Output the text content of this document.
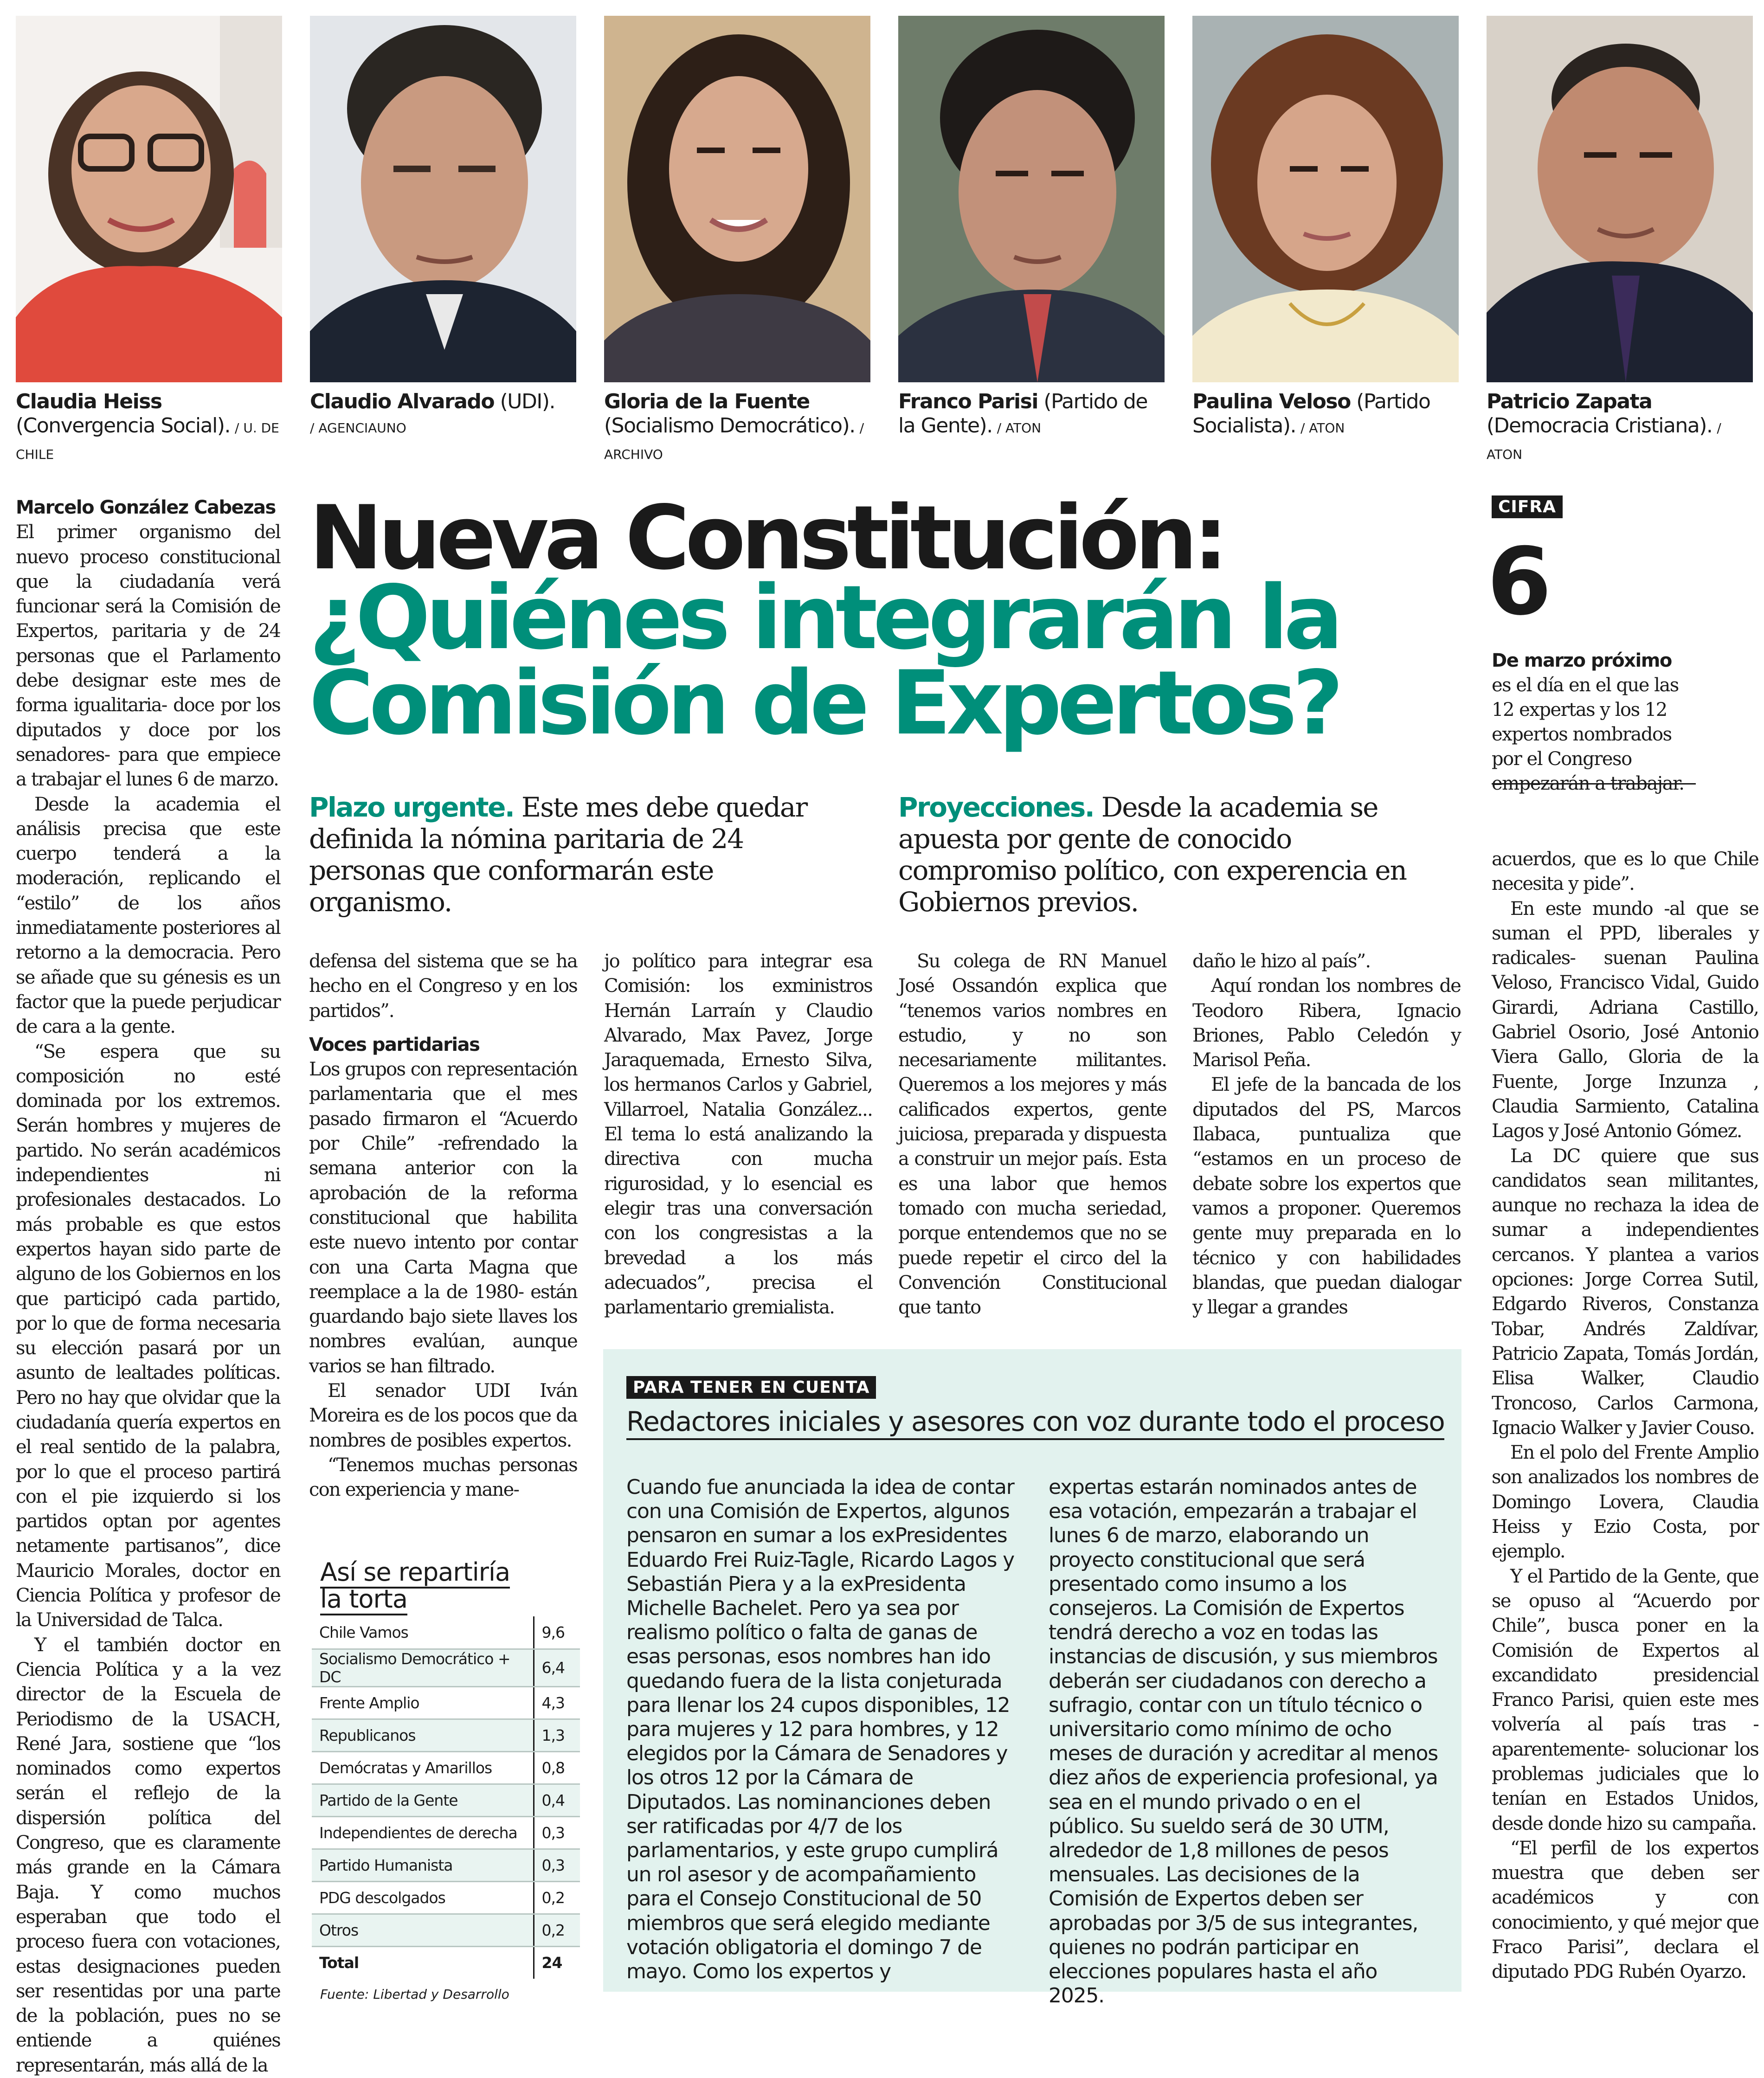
Claudia Heiss (Convergencia Social). / U. DE CHILE
Claudio Alvarado (UDI).
/ AGENCIAUNO
Gloria de la Fuente (Socialismo Democrático). / ARCHIVO
Franco Parisi (Partido de la Gente). / ATON
Paulina Veloso (Partido Socialista). / ATON
Patricio Zapata (Democracia Cristiana). / ATON
Nueva Constitución:
¿Quiénes integrarán la
Comisión de Expertos?
Plazo urgente. Este mes debe quedar definida la nómina paritaria de 24 personas que conformarán este organismo.
Proyecciones. Desde la academia se apuesta por gente de conocido compromiso político, con experencia en Gobiernos previos.
Marcelo González Cabezas

El primer organismo del nuevo proceso constitucional que la ciudadanía verá funcionar será la Comisión de Expertos, paritaria y de 24 personas que el Parlamento debe designar este mes de forma igualitaria- doce por los diputados y doce por los senadores- para que empiece a trabajar el lunes 6 de marzo.

Desde la academia el análisis precisa que este cuerpo tenderá a la moderación, replicando el “estilo” de los años inmediatamente posteriores al retorno a la democracia. Pero se añade que su génesis es un factor que la puede perjudicar de cara a la gente.

“Se espera que su composición no esté dominada por los extremos. Serán hombres y mujeres de partido. No serán académicos independientes ni profesionales destacados. Lo más probable es que estos expertos hayan sido parte de alguno de los Gobiernos en los que participó cada partido, por lo que de forma necesaria su elección pasará por un asunto de lealtades políticas. Pero no hay que olvidar que la ciudadanía quería expertos en el real sentido de la palabra, por lo que el proceso partirá con el pie izquierdo si los partidos optan por agentes netamente partisanos”, dice Mauricio Morales, doctor en Ciencia Política y profesor de la Universidad de Talca.

Y el también doctor en Ciencia Política y a la vez director de la Escuela de Periodismo de la USACH, René Jara, sostiene que “los nominados como expertos serán el reflejo de la dispersión política del Congreso, que es claramente más grande en la Cámara Baja. Y como muchos esperaban que todo el proceso fuera con votaciones, estas designaciones pueden ser resentidas por una parte de la población, pues no se entiende a quiénes representarán, más allá de la

defensa del sistema que se ha hecho en el Congreso y en los partidos”.

Voces partidarias

Los grupos con representación parlamentaria que el mes pasado firmaron el “Acuerdo por Chile” -refrendado la semana anterior con la aprobación de la reforma constitucional que habilita este nuevo intento por contar con una Carta Magna que reemplace a la de 1980- están guardando bajo siete llaves los nombres evalúan, aunque varios se han filtrado.

El senador UDI Iván Moreira es de los pocos que da nombres de posibles expertos.

“Tenemos muchas personas con experiencia y mane-

jo político para integrar esa Comisión: los exministros Hernán Larraín y Claudio Alvarado, Max Pavez, Jorge Jaraquemada, Ernesto Silva, los hermanos Carlos y Gabriel, Villarroel, Natalia González... El tema lo está analizando la directiva con mucha rigurosidad, y lo esencial es elegir tras una conversación con los congresistas a la brevedad a los más adecuados”, precisa el parlamentario gremialista.

Su colega de RN Manuel José Ossandón explica que “tenemos varios nombres en estudio, y no son necesariamente militantes. Queremos a los mejores y más calificados expertos, gente juiciosa, preparada y dispuesta a construir un mejor país. Esta es una labor que hemos tomado con mucha seriedad, porque entendemos que no se puede repetir el circo del la Convención Constitucional que tanto

daño le hizo al país”.

Aquí rondan los nombres de Teodoro Ribera, Ignacio Briones, Pablo Celedón y Marisol Peña.

El jefe de la bancada de los diputados del PS, Marcos Ilabaca, puntualiza que “estamos en un proceso de debate sobre los expertos que vamos a proponer. Queremos gente muy preparada en lo técnico y con habilidades blandas, que puedan dialogar y llegar a grandes

CIFRA
6
De marzo próximo es el día en el que las 12 expertas y los 12 expertos nombrados por el Congreso empezarán a trabajar.

acuerdos, que es lo que Chile necesita y pide”.

En este mundo -al que se suman el PPD, liberales y radicales- suenan Paulina Veloso, Francisco Vidal, Guido Girardi, Adriana Castillo, Gabriel Osorio, José Antonio Viera Gallo, Gloria de la Fuente, Jorge Inzunza , Claudia Sarmiento, Catalina Lagos y José Antonio Gómez.

La DC quiere que sus candidatos sean militantes, aunque no rechaza la idea de sumar a independientes cercanos. Y plantea a varios opciones: Jorge Correa Sutil, Edgardo Riveros, Constanza Tobar, Andrés Zaldívar, Patricio Zapata, Tomás Jordán, Elisa Walker, Claudio Troncoso, Carlos Carmona, Ignacio Walker y Javier Couso.

En el polo del Frente Amplio son analizados los nombres de Domingo Lovera, Claudia Heiss y Ezio Costa, por ejemplo.

Y el Partido de la Gente, que se opuso al “Acuerdo por Chile”, busca poner en la Comisión de Expertos al excandidato presidencial Franco Parisi, quien este mes volvería al país tras -aparentemente- solucionar los problemas judiciales que lo tenían en Estados Unidos, desde donde hizo su campaña.

“El perfil de los expertos muestra que deben ser académicos y con conocimiento, y qué mejor que Fraco Parisi”, declara el diputado PDG Rubén Oyarzo.

Así se repartiría
la torta
Chile Vamos	9,6
Socialismo Democrático + DC	6,4
Frente Amplio	4,3
Republicanos	1,3
Demócratas y Amarillos	0,8
Partido de la Gente	0,4
Independientes de derecha	0,3
Partido Humanista	0,3
PDG descolgados	0,2
Otros	0,2
Total	24
Fuente: Libertad y Desarrollo
PARA TENER EN CUENTA
Redactores iniciales y asesores con voz durante todo el proceso
Cuando fue anunciada la idea de contar con una Comisión de Expertos, algunos pensaron en sumar a los exPresidentes Eduardo Frei Ruiz-Tagle, Ricardo Lagos y Sebastián Piera y a la exPresidenta Michelle Bachelet. Pero ya sea por realismo político o falta de ganas de esas personas, esos nombres han ido quedando fuera de la lista conjeturada para llenar los 24 cupos disponibles, 12 para mujeres y 12 para hombres, y 12 elegidos por la Cámara de Senadores y los otros 12 por la Cámara de Diputados. Las nominanciones deben ser ratificadas por 4/7 de los parlamentarios, y este grupo cumplirá un rol asesor y de acompañamiento para el Consejo Constitucional de 50 miembros que será elegido mediante votación obligatoria el domingo 7 de mayo. Como los expertos y
expertas estarán nominados antes de esa votación, empezarán a trabajar el lunes 6 de marzo, elaborando un proyecto constitucional que será presentado como insumo a los consejeros. La Comisión de Expertos tendrá derecho a voz en todas las instancias de discusión, y sus miembros deberán ser ciudadanos con derecho a sufragio, contar con un título técnico o universitario como mínimo de ocho meses de duración y acreditar al menos diez años de experiencia profesional, ya sea en el mundo privado o en el público. Su sueldo será de 30 UTM, alrededor de 1,8 millones de pesos mensuales. Las decisiones de la Comisión de Expertos deben ser aprobadas por 3/5 de sus integrantes, quienes no podrán participar en elecciones populares hasta el año 2025.
